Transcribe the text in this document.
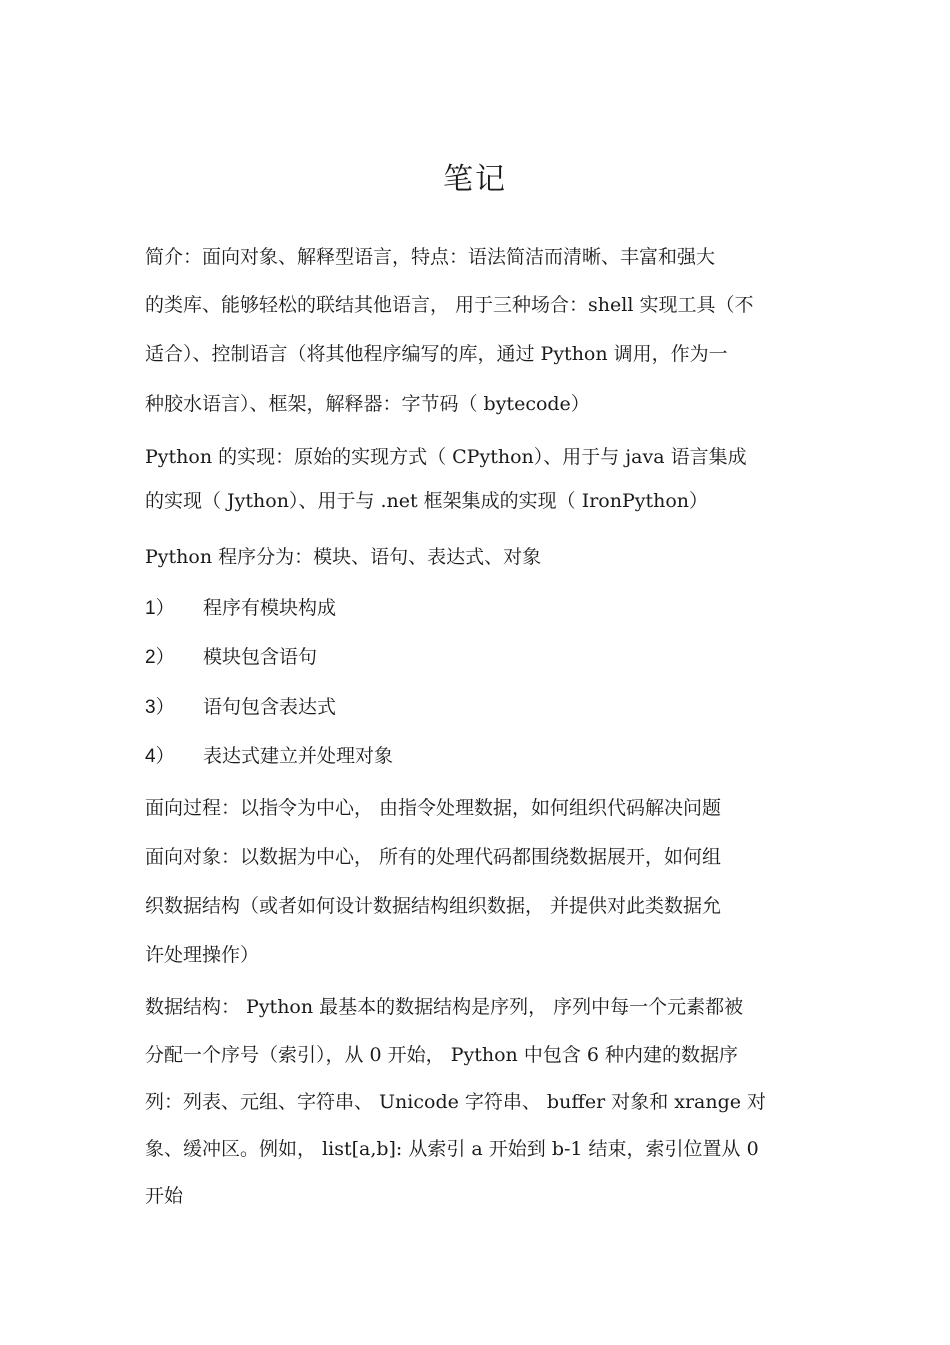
笔记
简介：面向对象、解释型语言，特点：语法简洁而清晰、丰富和强大
的类库、能够轻松的联结其他语言， 用于三种场合：shell 实现工具（不
适合）、控制语言（将其他程序编写的库，通过 Python 调用，作为一
种胶水语言）、框架，解释器：字节码（ bytecode）
Python 的实现：原始的实现方式（ CPython）、用于与 java 语言集成
的实现（ Jython）、用于与 .net 框架集成的实现（ IronPython）
Python 程序分为：模块、语句、表达式、对象
1） 程序有模块构成
2） 模块包含语句
3） 语句包含表达式
4） 表达式建立并处理对象
面向过程：以指令为中心， 由指令处理数据，如何组织代码解决问题
面向对象：以数据为中心， 所有的处理代码都围绕数据展开，如何组
织数据结构（或者如何设计数据结构组织数据， 并提供对此类数据允
许处理操作）
数据结构： Python 最基本的数据结构是序列， 序列中每一个元素都被
分配一个序号（索引），从 0 开始， Python 中包含 6 种内建的数据序
列：列表、元组、字符串、 Unicode 字符串、 buffer 对象和 xrange 对
象、缓冲区。例如， list[a,b]: 从索引 a 开始到 b-1 结束，索引位置从 0
开始
